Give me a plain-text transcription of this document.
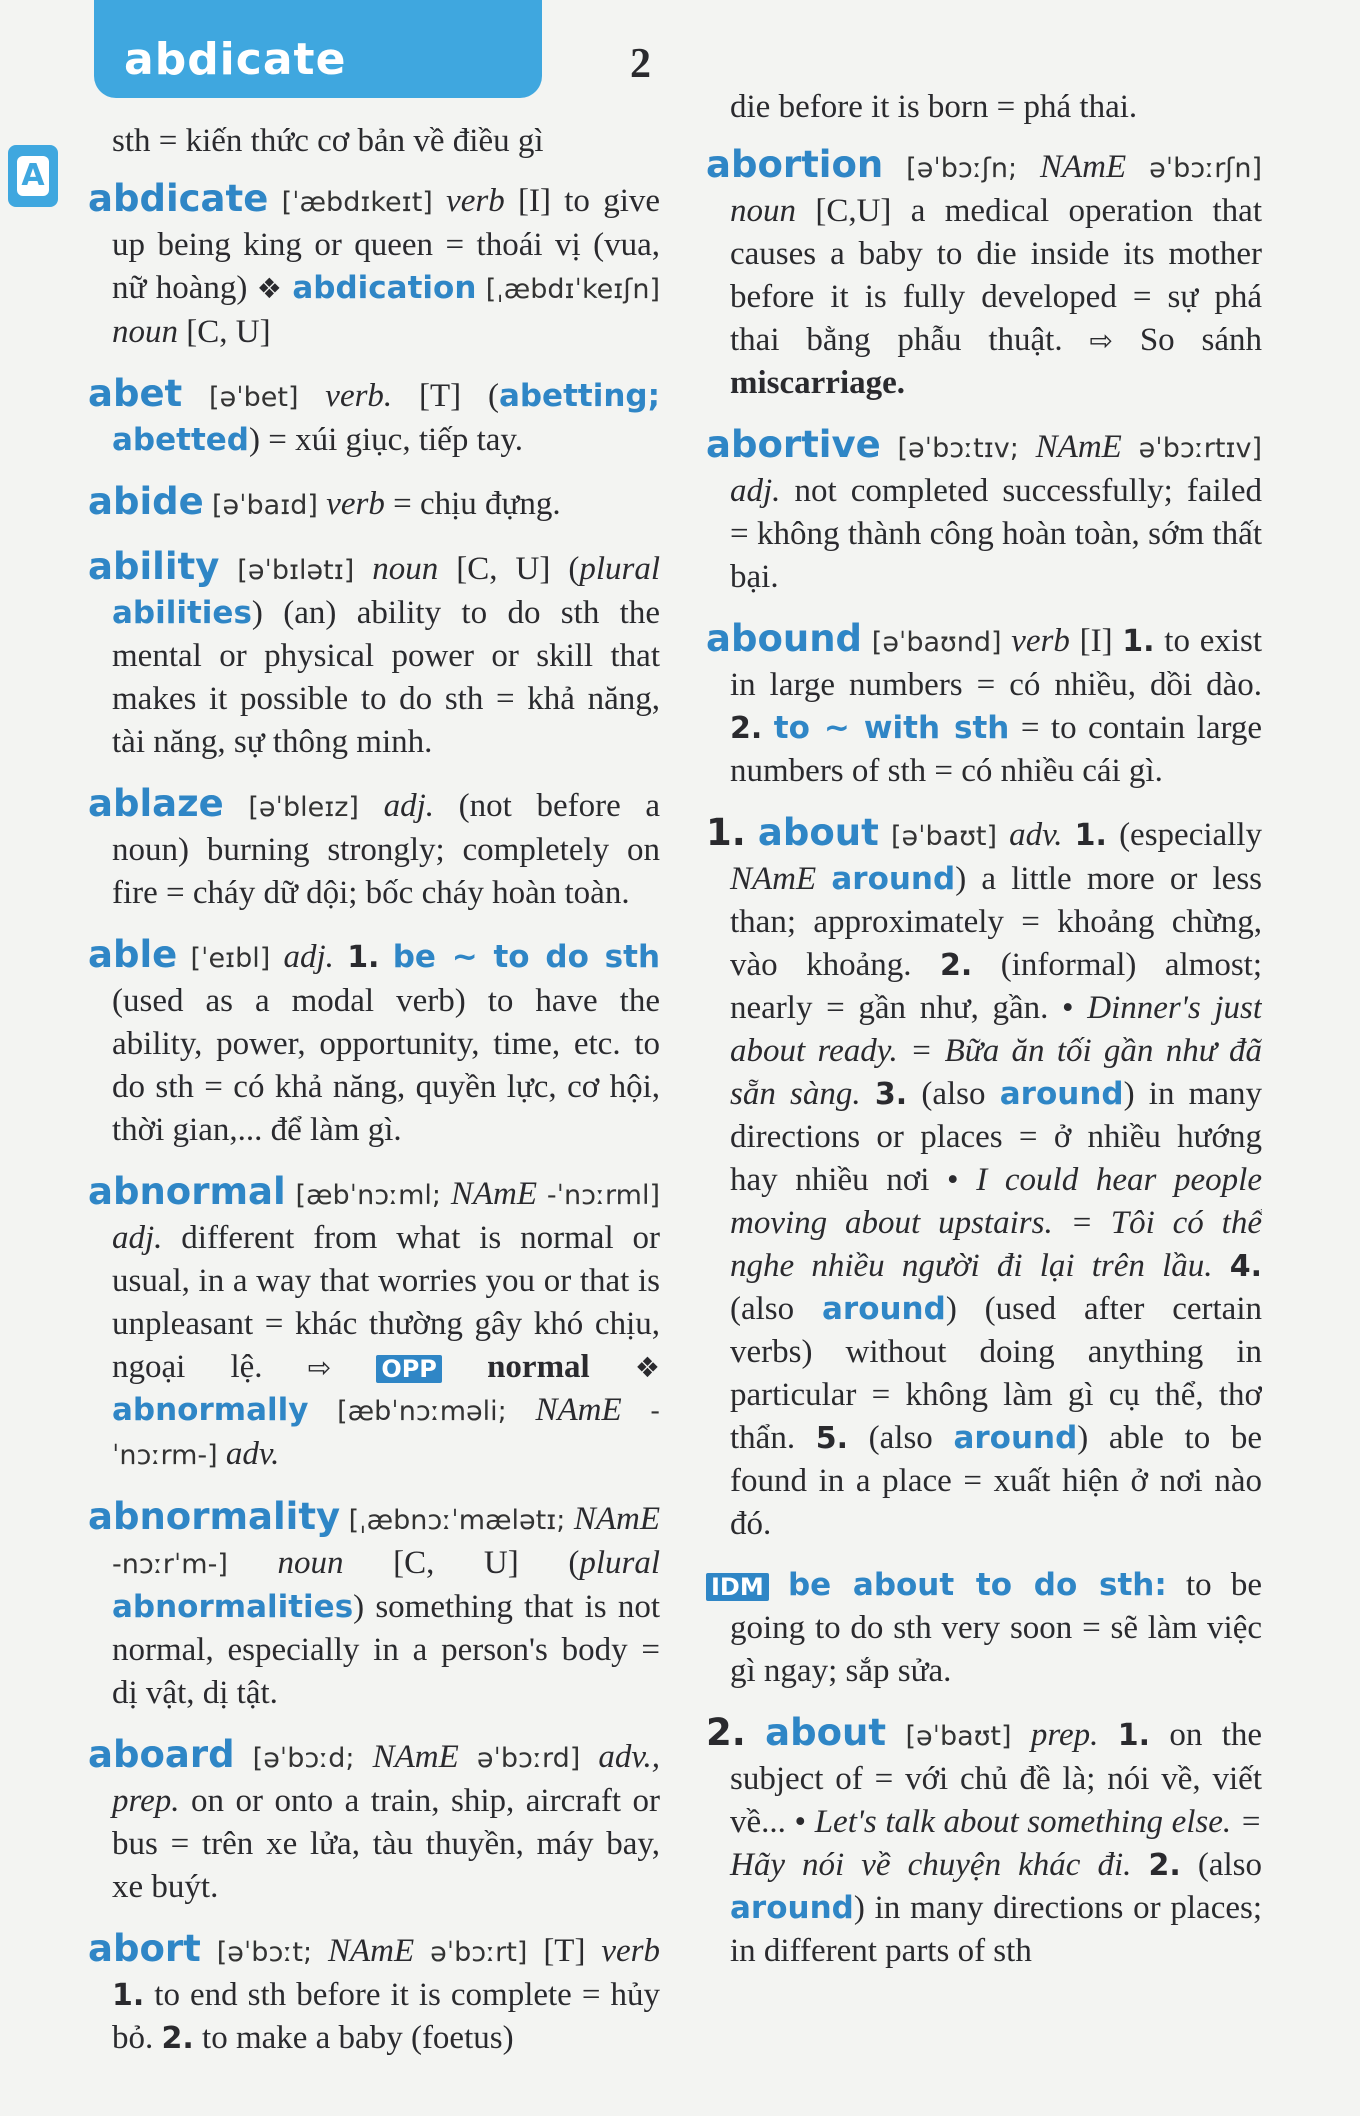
abdicate	2
A

sth = kiến thức cơ bản về điều gì

abdicate [ˈæbdɪkeɪt] verb [I] to give up being king or queen = thoái vị (vua, nữ hoàng) ❖ abdication [ˌæbdɪˈkeɪʃn] noun [C, U]

abet [əˈbet] verb. [T] (abetting; abetted) = xúi giục, tiếp tay.

abide [əˈbaɪd] verb = chịu đựng.

ability [əˈbɪlətɪ] noun [C, U] (plural abilities) (an) ability to do sth the mental or physical power or skill that makes it possible to do sth = khả năng, tài năng, sự thông minh.

ablaze [əˈbleɪz] adj. (not before a noun) burning strongly; completely on fire = cháy dữ dội; bốc cháy hoàn toàn.

able [ˈeɪbl] adj. 1. be ~ to do sth (used as a modal verb) to have the ability, power, opportunity, time, etc. to do sth = có khả năng, quyền lực, cơ hội, thời gian,... để làm gì.

abnormal [æbˈnɔːml; NAmE -ˈnɔːrml] adj. different from what is normal or usual, in a way that worries you or that is unpleasant = khác thường gây khó chịu, ngoại lệ. ⇨ OPP normal ❖ abnormally [æbˈnɔːməli; NAmE -ˈnɔːrm-] adv.

abnormality [ˌæbnɔːˈmælətɪ; NAmE -nɔːrˈm-] noun [C, U] (plural abnormalities) something that is not normal, especially in a person's body = dị vật, dị tật.

aboard [əˈbɔːd; NAmE əˈbɔːrd] adv., prep. on or onto a train, ship, aircraft or bus = trên xe lửa, tàu thuyền, máy bay, xe buýt.

abort [əˈbɔːt; NAmE əˈbɔːrt] [T] verb 1. to end sth before it is complete = hủy bỏ. 2. to make a baby (foetus)

die before it is born = phá thai.

abortion [əˈbɔːʃn; NAmE əˈbɔːrʃn] noun [C,U] a medical operation that causes a baby to die inside its mother before it is fully developed = sự phá thai bằng phẫu thuật. ⇨ So sánh miscarriage.

abortive [əˈbɔːtɪv; NAmE əˈbɔːrtɪv] adj. not completed successfully; failed = không thành công hoàn toàn, sớm thất bại.

abound [əˈbaʊnd] verb [I] 1. to exist in large numbers = có nhiều, dồi dào. 2. to ~ with sth = to contain large numbers of sth = có nhiều cái gì.

1. about [əˈbaʊt] adv. 1. (especially NAmE around) a little more or less than; approximately = khoảng chừng, vào khoảng. 2. (informal) almost; nearly = gần như, gần. • Dinner's just about ready. = Bữa ăn tối gần như đã sẵn sàng. 3. (also around) in many directions or places = ở nhiều hướng hay nhiều nơi • I could hear people moving about upstairs. = Tôi có thể nghe nhiều người đi lại trên lầu. 4. (also around) (used after certain verbs) without doing anything in particular = không làm gì cụ thể, thơ thẩn. 5. (also around) able to be found in a place = xuất hiện ở nơi nào đó.

IDM be about to do sth: to be going to do sth very soon = sẽ làm việc gì ngay; sắp sửa.

2. about [əˈbaʊt] prep. 1. on the subject of = với chủ đề là; nói về, viết về... • Let's talk about something else. = Hãy nói về chuyện khác đi. 2. (also around) in many directions or places; in different parts of sth
